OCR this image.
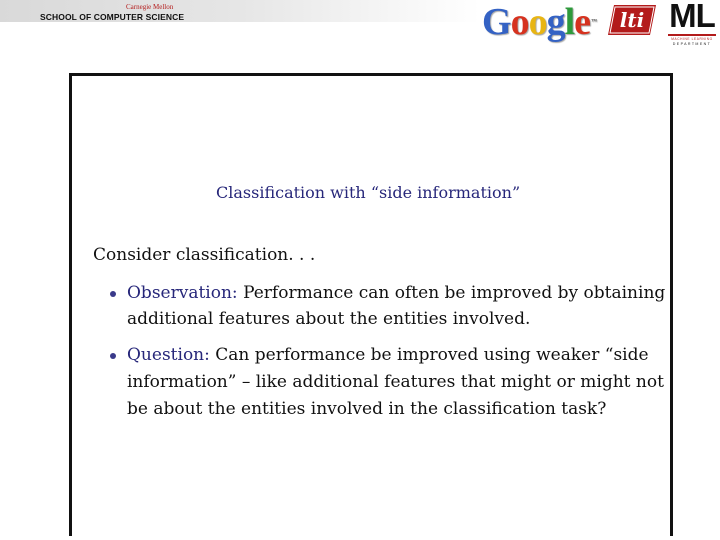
Carnegie Mellon
SCHOOL OF COMPUTER SCIENCE	Google™ lti ML
MACHINE LEARNING
DEPARTMENT
Classification with “side information”
Consider classification. . .
Observation: Performance can often be improved by obtaining
additional features about the entities involved.
Question: Can performance be improved using weaker “side
information” – like additional features that might or might not
be about the entities involved in the classification task?
